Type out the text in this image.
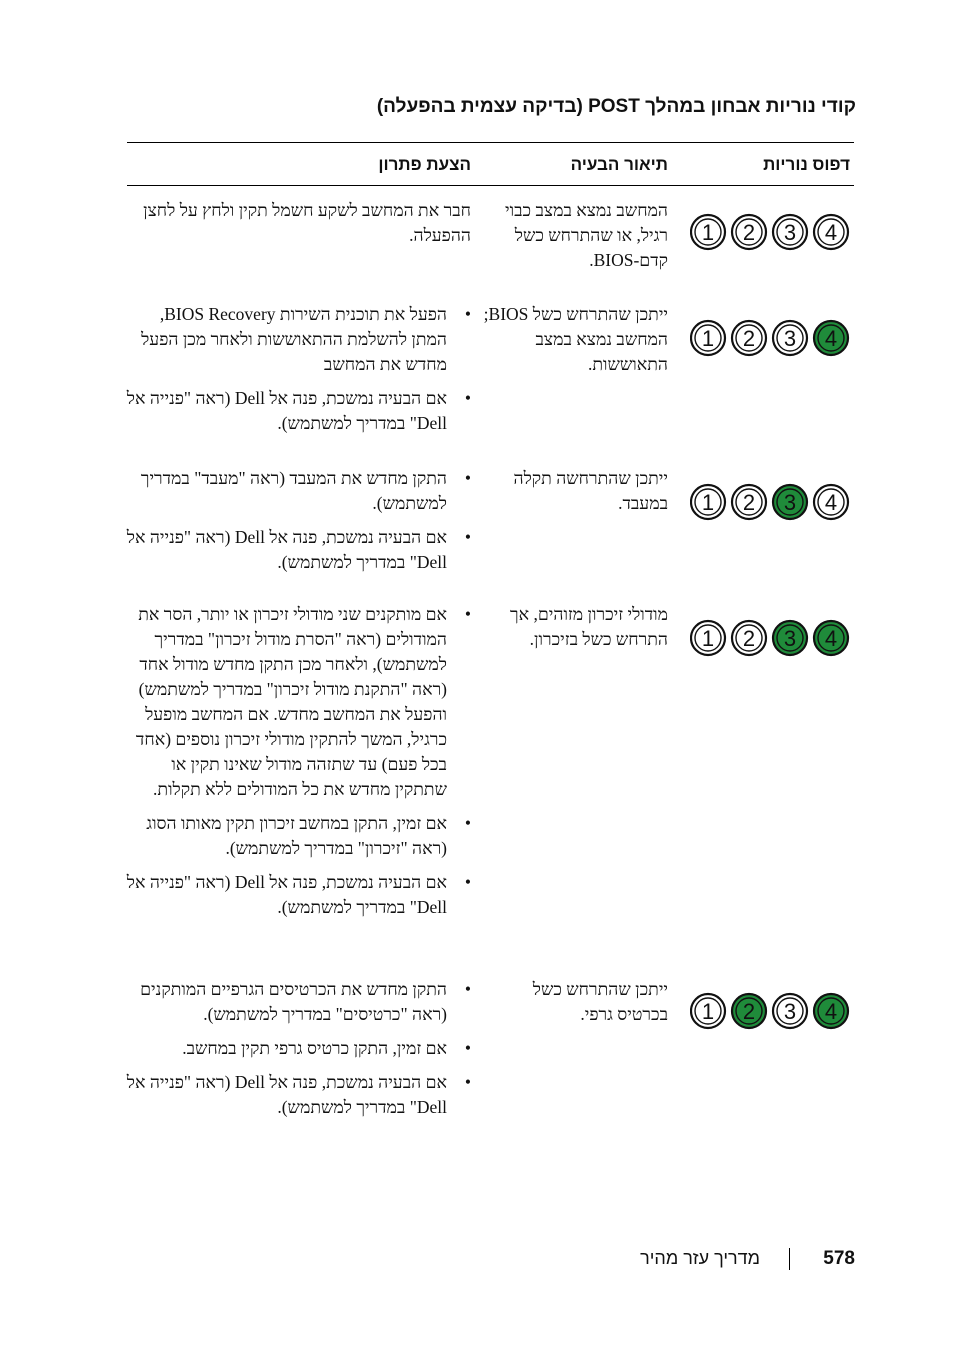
קודי נוריות אבחון במהלך POST (בדיקה עצמית בהפעלה)
דפוס נוריות
תיאור הבעיה
הצעת פתרון
1 2 3 4
המחשב נמצא במצב כבוי רגיל, או שהתרחש כשל קדם-BIOS.
חבר את המחשב לשקע חשמל תקין ולחץ על לחצן ההפעלה.
1 2 3 4
ייתכן שהתרחש כשל BIOS; המחשב נמצא במצב התאוששות.
• הפעל את תוכנית השירות BIOS Recovery, המתן להשלמת ההתאוששות ולאחר מכן הפעל מחדש את המחשב
• אם הבעיה נמשכת, פנה אל Dell (ראה "פנייה אל Dell" במדריך למשתמש).
1 2 3 4
ייתכן שהתרחשה תקלה במעבד.
• התקן מחדש את המעבד (ראה "מעבד" במדריך למשתמש).
• אם הבעיה נמשכת, פנה אל Dell (ראה "פנייה אל Dell" במדריך למשתמש).
1 2 3 4
מודולי זיכרון מזוהים, אך התרחש כשל בזיכרון.
• אם מותקנים שני מודולי זיכרון או יותר, הסר את המודולים (ראה "הסרת מודול זיכרון" במדריך למשתמש), ולאחר מכן התקן מחדש מודול אחד (ראה "התקנת מודול זיכרון" במדריך למשתמש) והפעל את המחשב מחדש. אם המחשב מופעל כרגיל, המשך להתקין מודולי זיכרון נוספים (אחד בכל פעם) עד שתזהה מודול שאינו תקין או שתתקין מחדש את כל המודולים ללא תקלות.
• אם זמין, התקן במחשב זיכרון תקין מאותו הסוג (ראה "זיכרון" במדריך למשתמש).
• אם הבעיה נמשכת, פנה אל Dell (ראה "פנייה אל Dell" במדריך למשתמש).
1 2 3 4
ייתכן שהתרחש כשל בכרטיס גרפי.
• התקן מחדש את הכרטיסים הגרפיים המותקנים (ראה "כרטיסים" במדריך למשתמש).
• אם זמין, התקן כרטיס גרפי תקין במחשב.
• אם הבעיה נמשכת, פנה אל Dell (ראה "פנייה אל Dell" במדריך למשתמש).
578
מדריך עזר מהיר
